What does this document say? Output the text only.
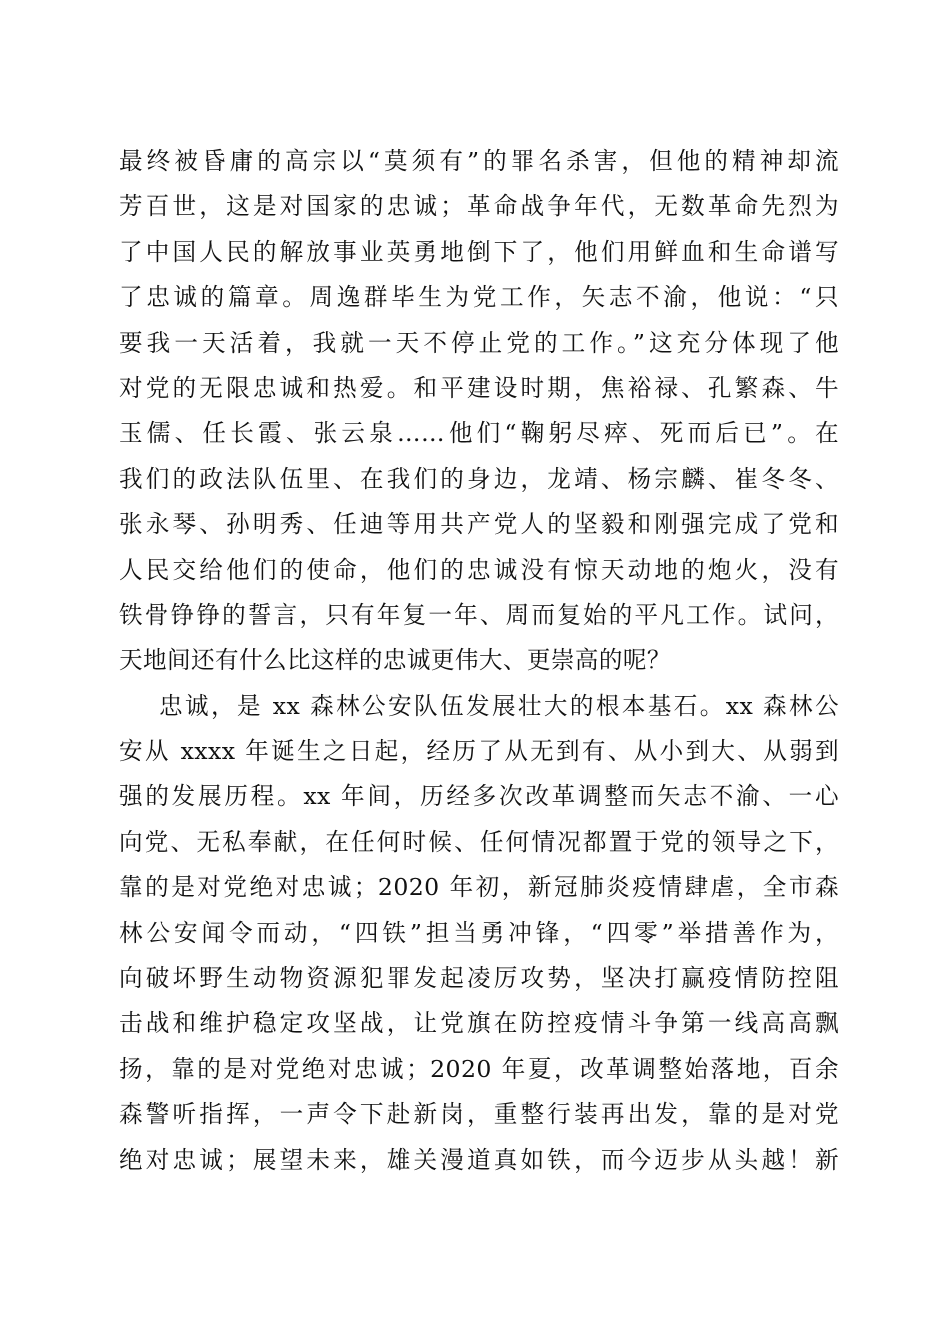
最终被昏庸的高宗以“莫须有”的罪名杀害，但他的精神却流
芳百世，这是对国家的忠诚；革命战争年代，无数革命先烈为
了中国人民的解放事业英勇地倒下了，他们用鲜血和生命谱写
了忠诚的篇章。周逸群毕生为党工作，矢志不渝，他说：“只
要我一天活着，我就一天不停止党的工作。”这充分体现了他
对党的无限忠诚和热爱。和平建设时期，焦裕禄、孔繁森、牛
玉儒、任长霞、张云泉……他们“鞠躬尽瘁、死而后已”。在
我们的政法队伍里、在我们的身边，龙靖、杨宗麟、崔冬冬、
张永琴、孙明秀、任迪等用共产党人的坚毅和刚强完成了党和
人民交给他们的使命，他们的忠诚没有惊天动地的炮火，没有
铁骨铮铮的誓言，只有年复一年、周而复始的平凡工作。试问，
天地间还有什么比这样的忠诚更伟大、更崇高的呢？
忠诚，是 xx 森林公安队伍发展壮大的根本基石。xx 森林公
安从 xxxx 年诞生之日起，经历了从无到有、从小到大、从弱到
强的发展历程。xx 年间，历经多次改革调整而矢志不渝、一心
向党、无私奉献，在任何时候、任何情况都置于党的领导之下，
靠的是对党绝对忠诚；2020 年初，新冠肺炎疫情肆虐，全市森
林公安闻令而动，“四铁”担当勇冲锋，“四零”举措善作为，
向破坏野生动物资源犯罪发起凌厉攻势，坚决打赢疫情防控阻
击战和维护稳定攻坚战，让党旗在防控疫情斗争第一线高高飘
扬，靠的是对党绝对忠诚；2020 年夏，改革调整始落地，百余
森警听指挥，一声令下赴新岗，重整行装再出发，靠的是对党
绝对忠诚；展望未来，雄关漫道真如铁，而今迈步从头越！新
